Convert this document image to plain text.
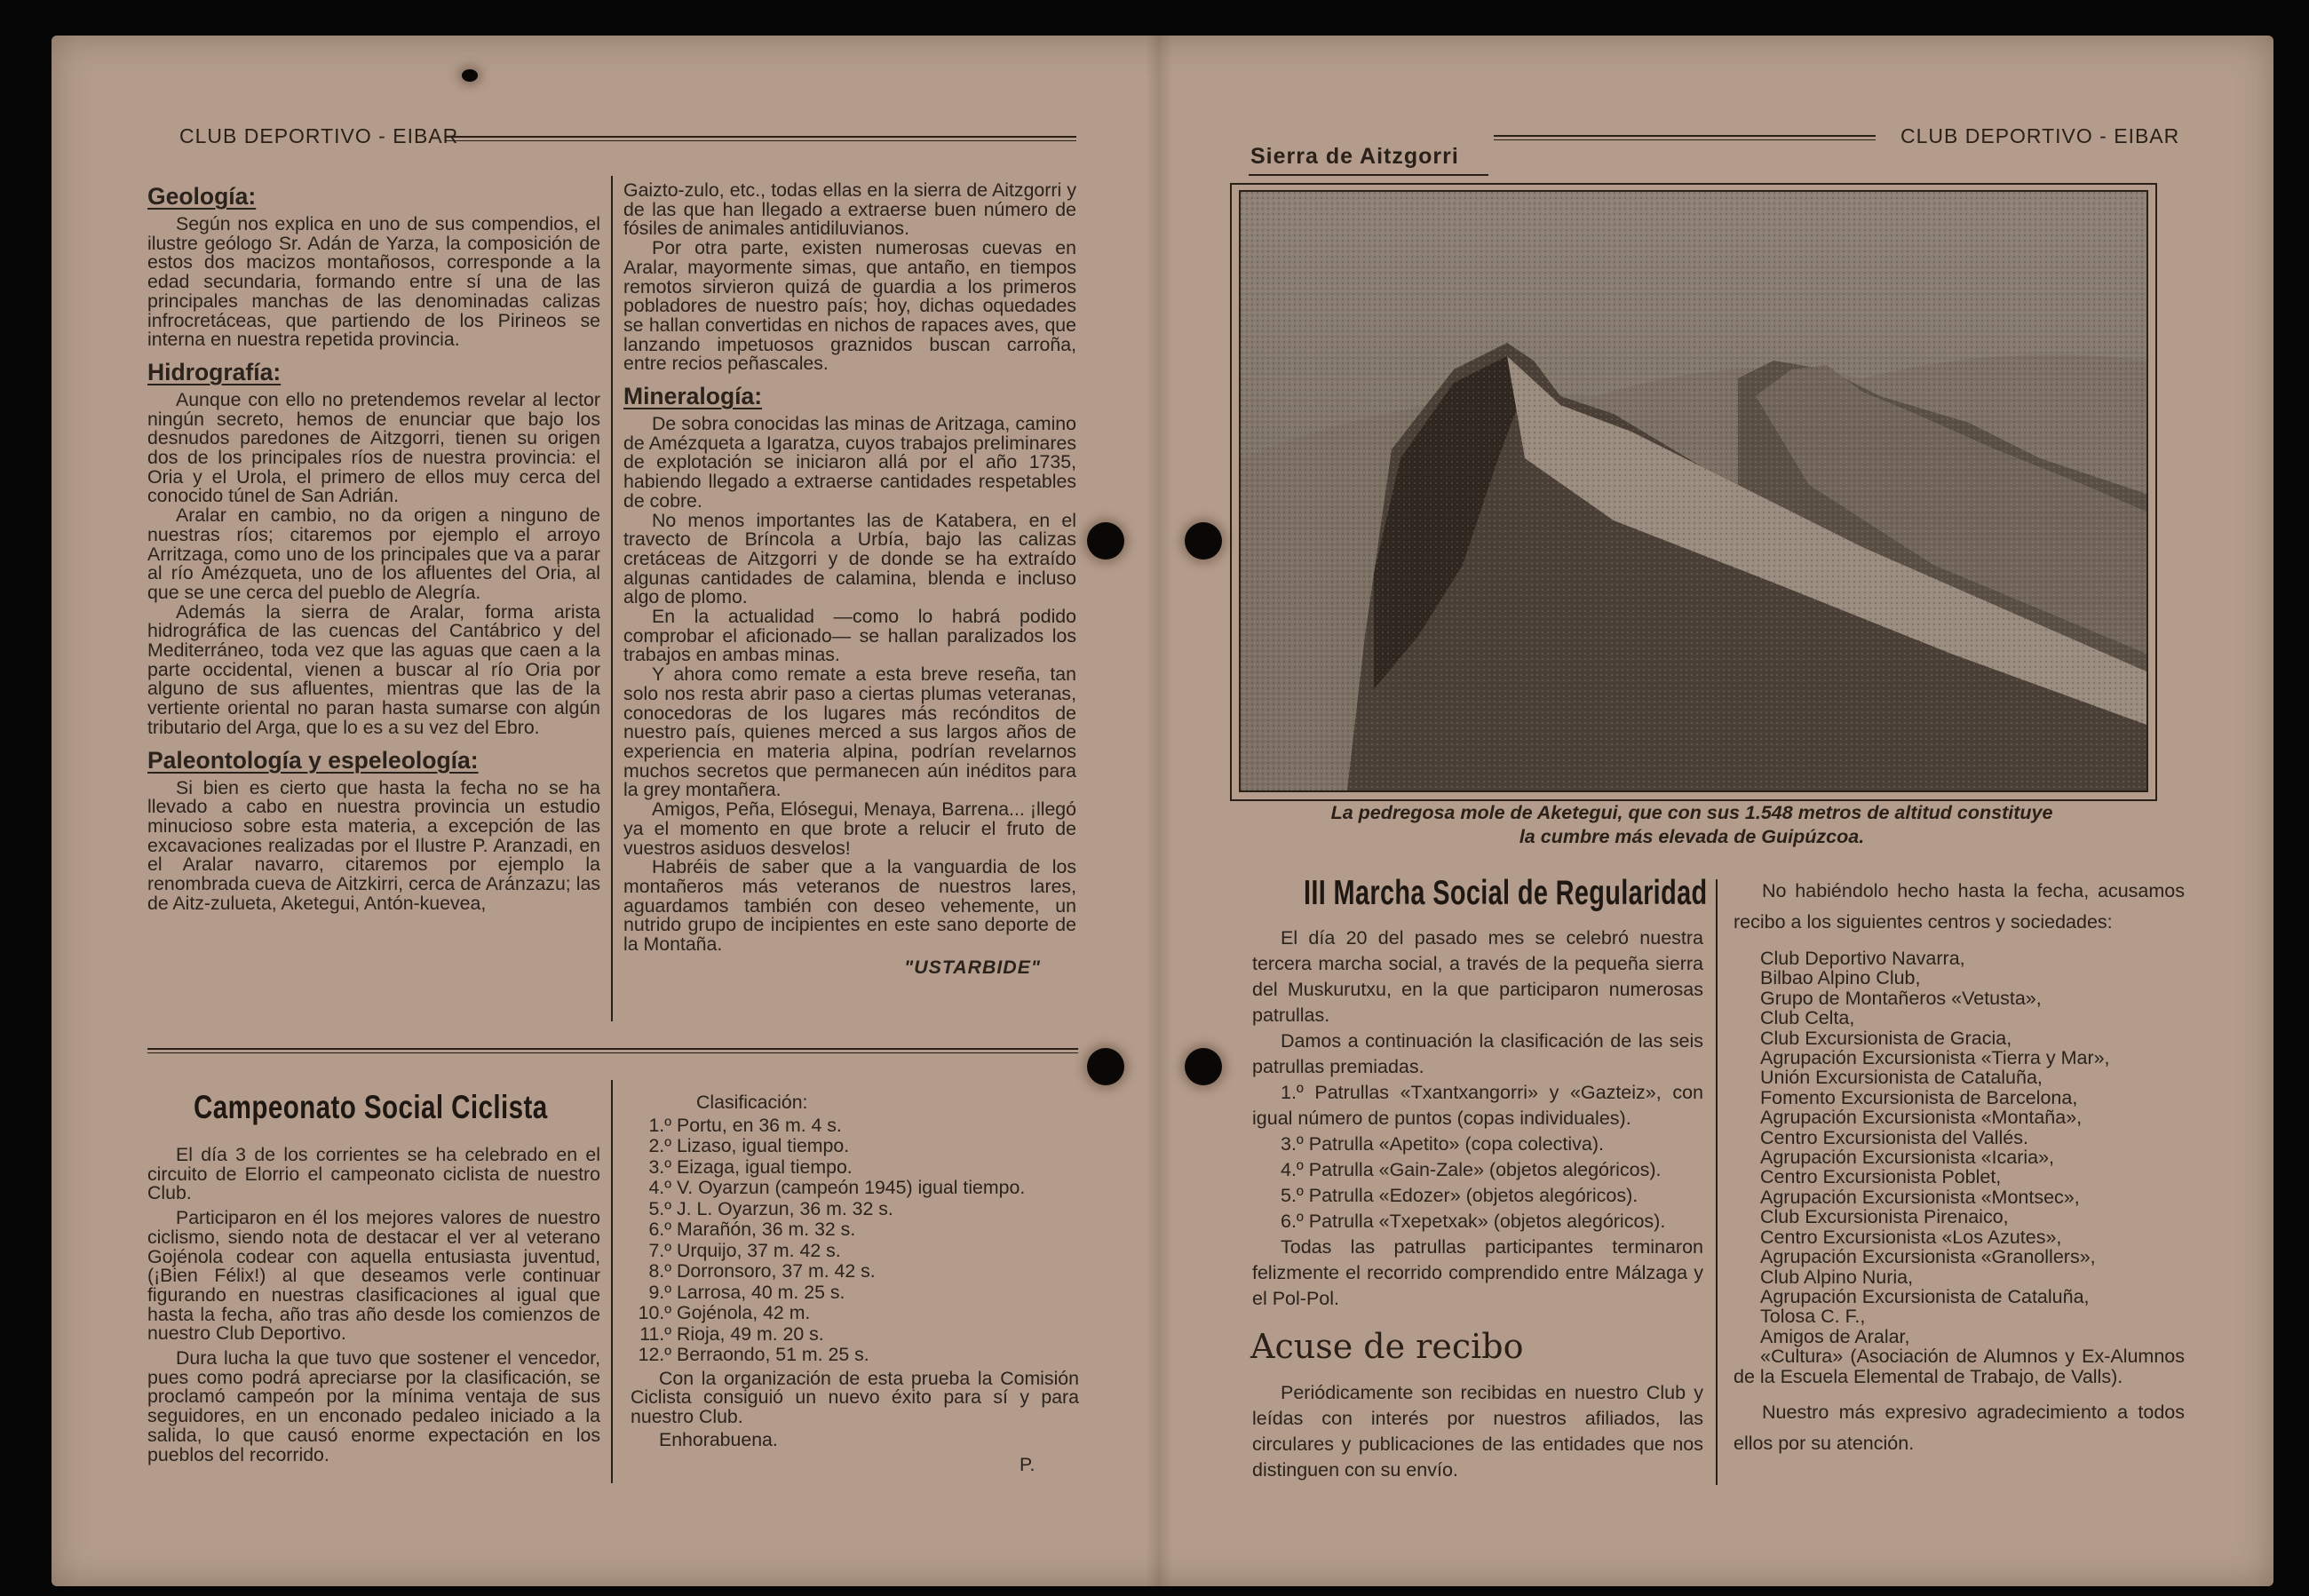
CLUB DEPORTIVO - EIBAR
Geología:

Según nos explica en uno de sus compendios, el ilustre geólogo Sr. Adán de Yarza, la composición de estos dos macizos montañosos, corresponde a la edad secundaria, formando entre sí una de las principales manchas de las denominadas calizas infrocretáceas, que partiendo de los Pirineos se interna en nuestra repetida provincia.

Hidrografía:

Aunque con ello no pretendemos revelar al lector ningún secreto, hemos de enunciar que bajo los desnudos paredones de Aitzgorri, tienen su origen dos de los principales ríos de nuestra provincia: el Oria y el Urola, el primero de ellos muy cerca del conocido túnel de San Adrián.

Aralar en cambio, no da origen a ninguno de nuestras ríos; citaremos por ejemplo el arroyo Arritzaga, como uno de los principales que va a parar al río Amézqueta, uno de los afluentes del Oria, al que se une cerca del pueblo de Alegría.

Además la sierra de Aralar, forma arista hidrográfica de las cuencas del Cantábrico y del Mediterráneo, toda vez que las aguas que caen a la parte occidental, vienen a buscar al río Oria por alguno de sus afluentes, mientras que las de la vertiente oriental no paran hasta sumarse con algún tributario del Arga, que lo es a su vez del Ebro.

Paleontología y espeleología:

Si bien es cierto que hasta la fecha no se ha llevado a cabo en nuestra provincia un estudio minucioso sobre esta materia, a excepción de las excavaciones realizadas por el Ilustre P. Aranzadi, en el Aralar navarro, citaremos por ejemplo la renombrada cueva de Aitzkirri, cerca de Aránzazu; las de Aitz-zulueta, Aketegui, Antón-kuevea,

Gaizto-zulo, etc., todas ellas en la sierra de Aitzgorri y de las que han llegado a extraerse buen número de fósiles de animales antidiluvianos.

Por otra parte, existen numerosas cuevas en Aralar, mayormente simas, que antaño, en tiempos remotos sirvieron quizá de guardia a los primeros pobladores de nuestro país; hoy, dichas oquedades se hallan convertidas en nichos de rapaces aves, que lanzando impetuosos graznidos buscan carroña, entre recios peñascales.

Mineralogía:

De sobra conocidas las minas de Aritzaga, camino de Amézqueta a Igaratza, cuyos trabajos preliminares de explotación se iniciaron allá por el año 1735, habiendo llegado a extraerse cantidades respetables de cobre.

No menos importantes las de Katabera, en el travecto de Bríncola a Urbía, bajo las calizas cretáceas de Aitzgorri y de donde se ha extraído algunas cantidades de calamina, blenda e incluso algo de plomo.

En la actualidad —como lo habrá podido comprobar el aficionado— se hallan paralizados los trabajos en ambas minas.

Y ahora como remate a esta breve reseña, tan solo nos resta abrir paso a ciertas plumas veteranas, conocedoras de los lugares más recónditos de nuestro país, quienes merced a sus largos años de experiencia en materia alpina, podrían revelarnos muchos secretos que permanecen aún inéditos para la grey montañera.

Amigos, Peña, Elósegui, Menaya, Barrena... ¡llegó ya el momento en que brote a relucir el fruto de vuestros asiduos desvelos!

Habréis de saber que a la vanguardia de los montañeros más veteranos de nuestros lares, aguardamos también con deseo vehemente, un nutrido grupo de incipientes en este sano deporte de la Montaña.

"USTARBIDE"
Campeonato Social Ciclista

El día 3 de los corrientes se ha celebrado en el circuito de Elorrio el campeonato ciclista de nuestro Club.

Participaron en él los mejores valores de nuestro ciclismo, siendo nota de destacar el ver al veterano Gojénola codear con aquella entusiasta juventud, (¡Bien Félix!) al que deseamos verle continuar figurando en nuestras clasificaciones al igual que hasta la fecha, año tras año desde los comienzos de nuestro Club Deportivo.

Dura lucha la que tuvo que sostener el vencedor, pues como podrá apreciarse por la clasificación, se proclamó campeón por la mínima ventaja de sus seguidores, en un enconado pedaleo iniciado a la salida, lo que causó enorme expectación en los pueblos del recorrido.

Clasificación:
1.º Portu, en 36 m. 4 s.
2.º Lizaso, igual tiempo.
3.º Eizaga, igual tiempo.
4.º V. Oyarzun (campeón 1945) igual tiempo.
5.º J. L. Oyarzun, 36 m. 32 s.
6.º Marañón, 36 m. 32 s.
7.º Urquijo, 37 m. 42 s.
8.º Dorronsoro, 37 m. 42 s.
9.º Larrosa, 40 m. 25 s.
10.º Gojénola, 42 m.
11.º Rioja, 49 m. 20 s.
12.º Berraondo, 51 m. 25 s.

Con la organización de esta prueba la Comisión Ciclista consiguió un nuevo éxito para sí y para nuestro Club.

Enhorabuena.

P.
Sierra de Aitzgorri
CLUB DEPORTIVO - EIBAR
La pedregosa mole de Aketegui, que con sus 1.548 metros de altitud constituye
la cumbre más elevada de Guipúzcoa.
III Marcha Social de Regularidad

El día 20 del pasado mes se celebró nuestra tercera marcha social, a través de la pequeña sierra del Muskurutxu, en la que participaron numerosas patrullas.

Damos a continuación la clasificación de las seis patrullas premiadas.

1.º Patrullas «Txantxangorri» y «Gazteiz», con igual número de puntos (copas individuales).

3.º Patrulla «Apetito» (copa colectiva).

4.º Patrulla «Gain-Zale» (objetos alegóricos).

5.º Patrulla «Edozer» (objetos alegóricos).

6.º Patrulla «Txepetxak» (objetos alegóricos).

Todas las patrullas participantes terminaron felizmente el recorrido comprendido entre Málzaga y el Pol-Pol.

Acuse de recibo

Periódicamente son recibidas en nuestro Club y leídas con interés por nuestros afiliados, las circulares y publicaciones de las entidades que nos distinguen con su envío.

No habiéndolo hecho hasta la fecha, acusamos recibo a los siguientes centros y sociedades:

Club Deportivo Navarra,
Bilbao Alpino Club,
Grupo de Montañeros «Vetusta»,
Club Celta,
Club Excursionista de Gracia,
Agrupación Excursionista «Tierra y Mar»,
Unión Excursionista de Cataluña,
Fomento Excursionista de Barcelona,
Agrupación Excursionista «Montaña»,
Centro Excursionista del Vallés.
Agrupación Excursionista «Icaria»,
Centro Excursionista Poblet,
Agrupación Excursionista «Montsec»,
Club Excursionista Pirenaico,
Centro Excursionista «Los Azutes»,
Agrupación Excursionista «Granollers»,
Club Alpino Nuria,
Agrupación Excursionista de Cataluña,
Tolosa C. F.,
Amigos de Aralar,

«Cultura» (Asociación de Alumnos y Ex-Alumnos de la Escuela Elemental de Trabajo, de Valls).

Nuestro más expresivo agradecimiento a todos ellos por su atención.
